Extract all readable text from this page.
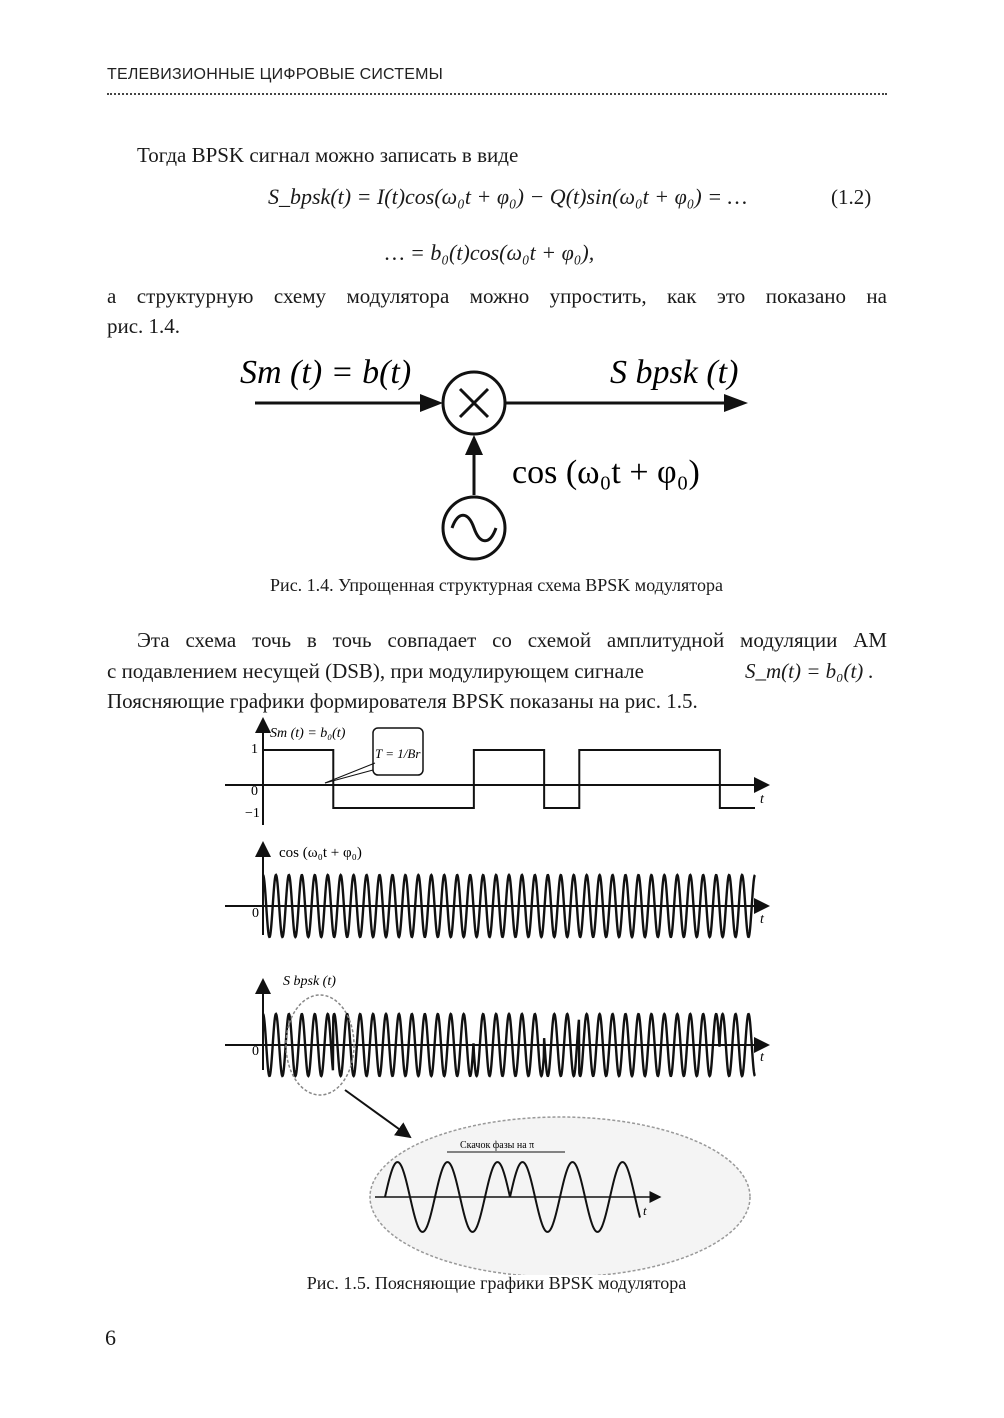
ТЕЛЕВИЗИОННЫЕ ЦИФРОВЫЕ СИСТЕМЫ
Тогда BPSK сигнал можно записать в виде
S_bpsk(t) = I(t)cos(ω₀t + φ₀) − Q(t)sin(ω₀t + φ₀) = …	(1.2)
… = b₀(t)cos(ω₀t + φ₀),
а структурную схему модулятора можно упростить, как это показано на
рис. 1.4.
Sm (t) = b(t)	S bpsk (t)
cos (ω₀t + φ₀)
Рис. 1.4. Упрощенная структурная схема BPSK модулятора
Эта схема точь в точь совпадает со схемой амплитудной модуляции АМ
с подавлением несущей (DSB), при модулирующем сигнале	S_m(t) = b₀(t) .
Поясняющие графики формирователя BPSK показаны на рис. 1.5.
Sm (t) = b₀(t)
1
0
−1
t
T = 1/Br
cos (ω₀t + φ₀)
0	t
S bpsk (t)
0	t
t
Скачок фазы на π
Рис. 1.5. Поясняющие графики BPSK модулятора
6
